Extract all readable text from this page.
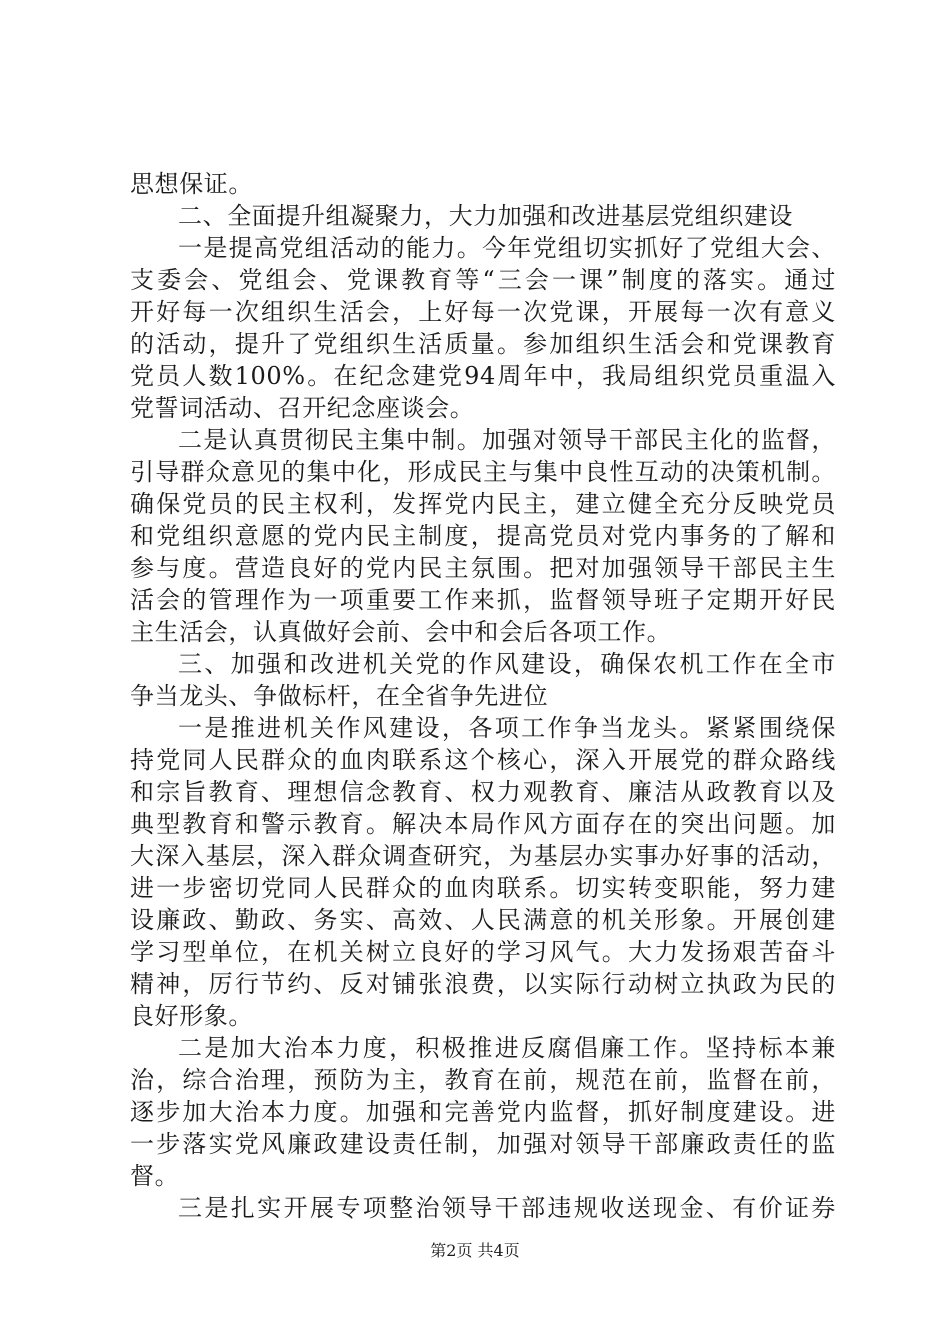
思想保证。
二、全面提升组凝聚力，大力加强和改进基层党组织建设
一是提高党组活动的能力。今年党组切实抓好了党组大会、
支委会、党组会、党课教育等“三会一课”制度的落实。通过
开好每一次组织生活会，上好每一次党课，开展每一次有意义
的活动，提升了党组织生活质量。参加组织生活会和党课教育
党员人数100%。在纪念建党94周年中，我局组织党员重温入
党誓词活动、召开纪念座谈会。
二是认真贯彻民主集中制。加强对领导干部民主化的监督，
引导群众意见的集中化，形成民主与集中良性互动的决策机制。
确保党员的民主权利，发挥党内民主，建立健全充分反映党员
和党组织意愿的党内民主制度，提高党员对党内事务的了解和
参与度。营造良好的党内民主氛围。把对加强领导干部民主生
活会的管理作为一项重要工作来抓，监督领导班子定期开好民
主生活会，认真做好会前、会中和会后各项工作。
三、加强和改进机关党的作风建设，确保农机工作在全市
争当龙头、争做标杆，在全省争先进位
一是推进机关作风建设，各项工作争当龙头。紧紧围绕保
持党同人民群众的血肉联系这个核心，深入开展党的群众路线
和宗旨教育、理想信念教育、权力观教育、廉洁从政教育以及
典型教育和警示教育。解决本局作风方面存在的突出问题。加
大深入基层，深入群众调查研究，为基层办实事办好事的活动，
进一步密切党同人民群众的血肉联系。切实转变职能，努力建
设廉政、勤政、务实、高效、人民满意的机关形象。开展创建
学习型单位，在机关树立良好的学习风气。大力发扬艰苦奋斗
精神，厉行节约、反对铺张浪费，以实际行动树立执政为民的
良好形象。
二是加大治本力度，积极推进反腐倡廉工作。坚持标本兼
治，综合治理，预防为主，教育在前，规范在前，监督在前，
逐步加大治本力度。加强和完善党内监督，抓好制度建设。进
一步落实党风廉政建设责任制，加强对领导干部廉政责任的监
督。
三是扎实开展专项整治领导干部违规收送现金、有价证券
第2页 共4页
